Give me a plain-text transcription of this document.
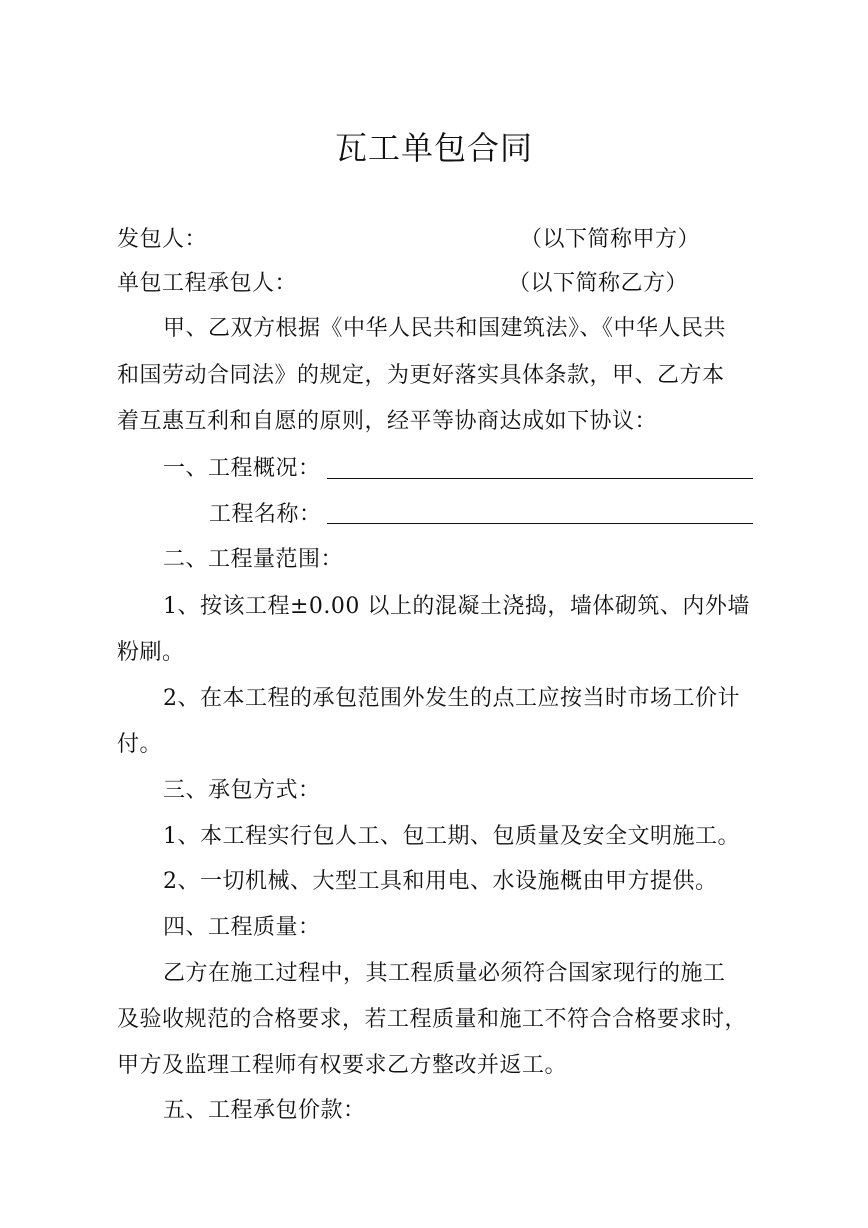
瓦工单包合同
发包人：	（以下简称甲方）
单包工程承包人：	（以下简称乙方）
甲、乙双方根据《中华人民共和国建筑法》、《中华人民共
和国劳动合同法》的规定，为更好落实具体条款，甲、乙方本
着互惠互利和自愿的原则，经平等协商达成如下协议：
一、工程概况：
工程名称：
二、工程量范围：
1、按该工程±0.00 以上的混凝土浇捣，墙体砌筑、内外墙
粉刷。
2、在本工程的承包范围外发生的点工应按当时市场工价计
付。
三、承包方式：
1、本工程实行包人工、包工期、包质量及安全文明施工。
2、一切机械、大型工具和用电、水设施概由甲方提供。
四、工程质量：
乙方在施工过程中，其工程质量必须符合国家现行的施工
及验收规范的合格要求，若工程质量和施工不符合合格要求时，
甲方及监理工程师有权要求乙方整改并返工。
五、工程承包价款：
